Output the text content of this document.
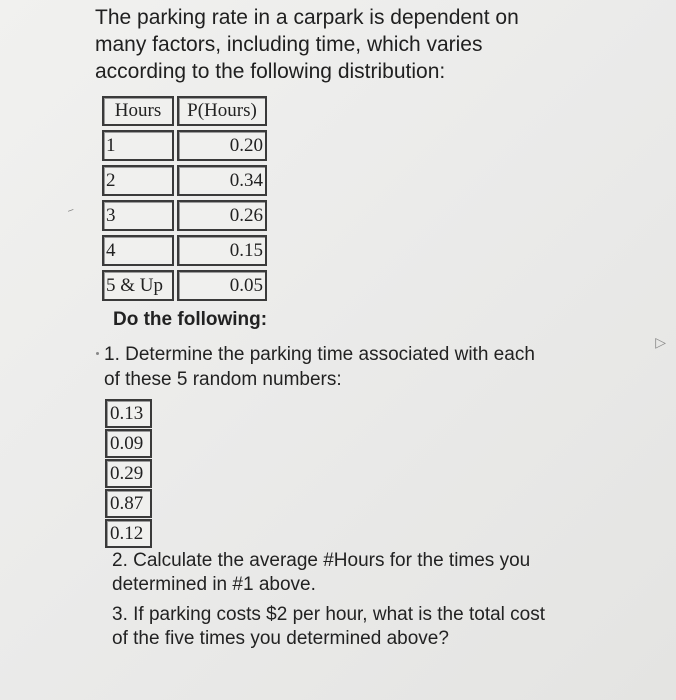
The parking rate in a carpark is dependent on many factors, including time, which varies according to the following distribution:

Hours	P(Hours)
1	0.20
2	0.34
3	0.26
4	0.15
5 & Up	0.05
–

Do the following:

1. Determine the parking time associated with each of these 5 random numbers:

0.13
0.09
0.29
0.87
0.12

2. Calculate the average #Hours for the times you determined in #1 above.

3. If parking costs $2 per hour, what is the total cost of the five times you determined above?

▷
